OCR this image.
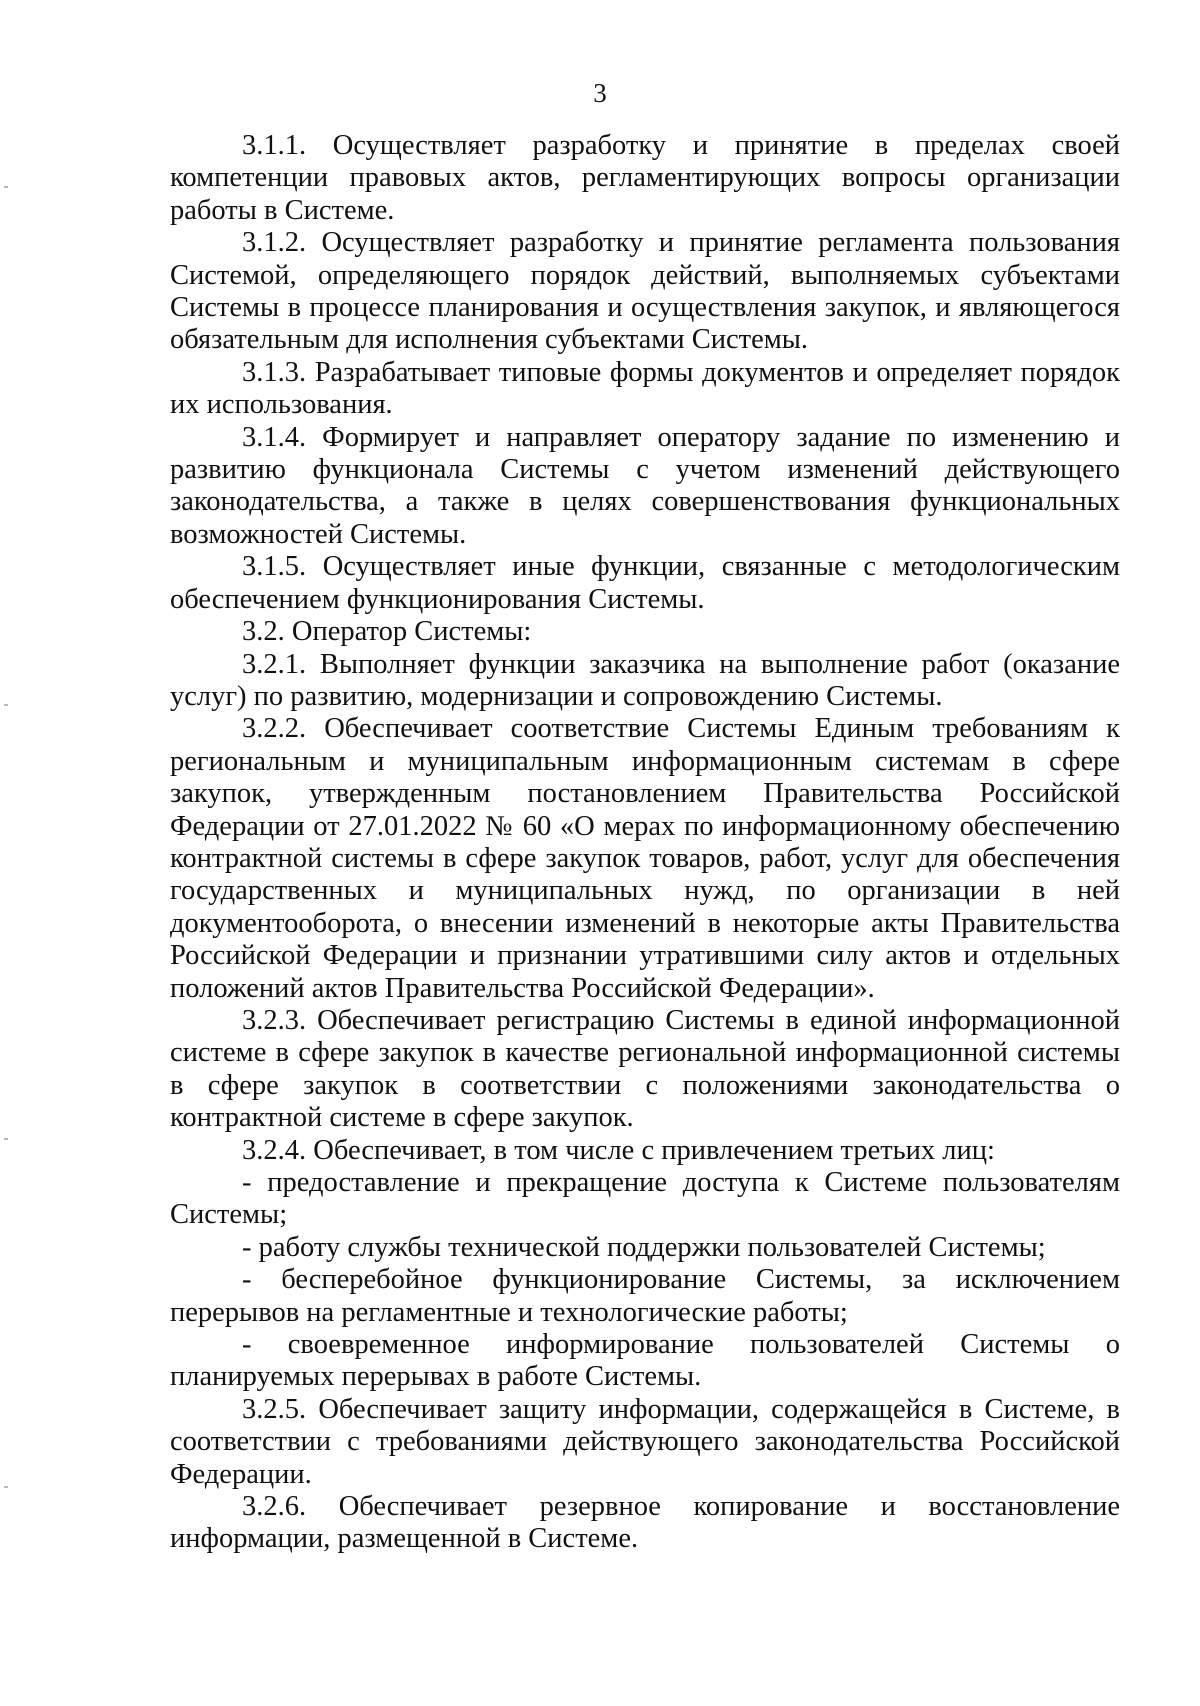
3

3.1.1. Осуществляет разработку и принятие в пределах своей компетенции правовых актов, регламентирующих вопросы организации работы в Системе.

3.1.2. Осуществляет разработку и принятие регламента пользования Системой, определяющего порядок действий, выполняемых субъектами Системы в процессе планирования и осуществления закупок, и являющегося обязательным для исполнения субъектами Системы.

3.1.3. Разрабатывает типовые формы документов и определяет порядок их использования.

3.1.4. Формирует и направляет оператору задание по изменению и развитию функционала Системы с учетом изменений действующего законодательства, а также в целях совершенствования функциональных возможностей Системы.

3.1.5. Осуществляет иные функции, связанные с методологическим обеспечением функционирования Системы.

3.2. Оператор Системы:

3.2.1. Выполняет функции заказчика на выполнение работ (оказание услуг) по развитию, модернизации и сопровождению Системы.

3.2.2. Обеспечивает соответствие Системы Единым требованиям к региональным и муниципальным информационным системам в сфере закупок, утвержденным постановлением Правительства Российской Федерации от 27.01.2022 № 60 «О мерах по информационному обеспечению контрактной системы в сфере закупок товаров, работ, услуг для обеспечения государственных и муниципальных нужд, по организации в ней документооборота, о внесении изменений в некоторые акты Правительства Российской Федерации и признании утратившими силу актов и отдельных положений актов Правительства Российской Федерации».

3.2.3. Обеспечивает регистрацию Системы в единой информационной системе в сфере закупок в качестве региональной информационной системы в сфере закупок в соответствии с положениями законодательства о контрактной системе в сфере закупок.

3.2.4. Обеспечивает, в том числе с привлечением третьих лиц:

- предоставление и прекращение доступа к Системе пользователям Системы;

- работу службы технической поддержки пользователей Системы;

- бесперебойное функционирование Системы, за исключением перерывов на регламентные и технологические работы;

- своевременное информирование пользователей Системы о планируемых перерывах в работе Системы.

3.2.5. Обеспечивает защиту информации, содержащейся в Системе, в соответствии с требованиями действующего законодательства Российской Федерации.

3.2.6. Обеспечивает резервное копирование и восстановление информации, размещенной в Системе.
